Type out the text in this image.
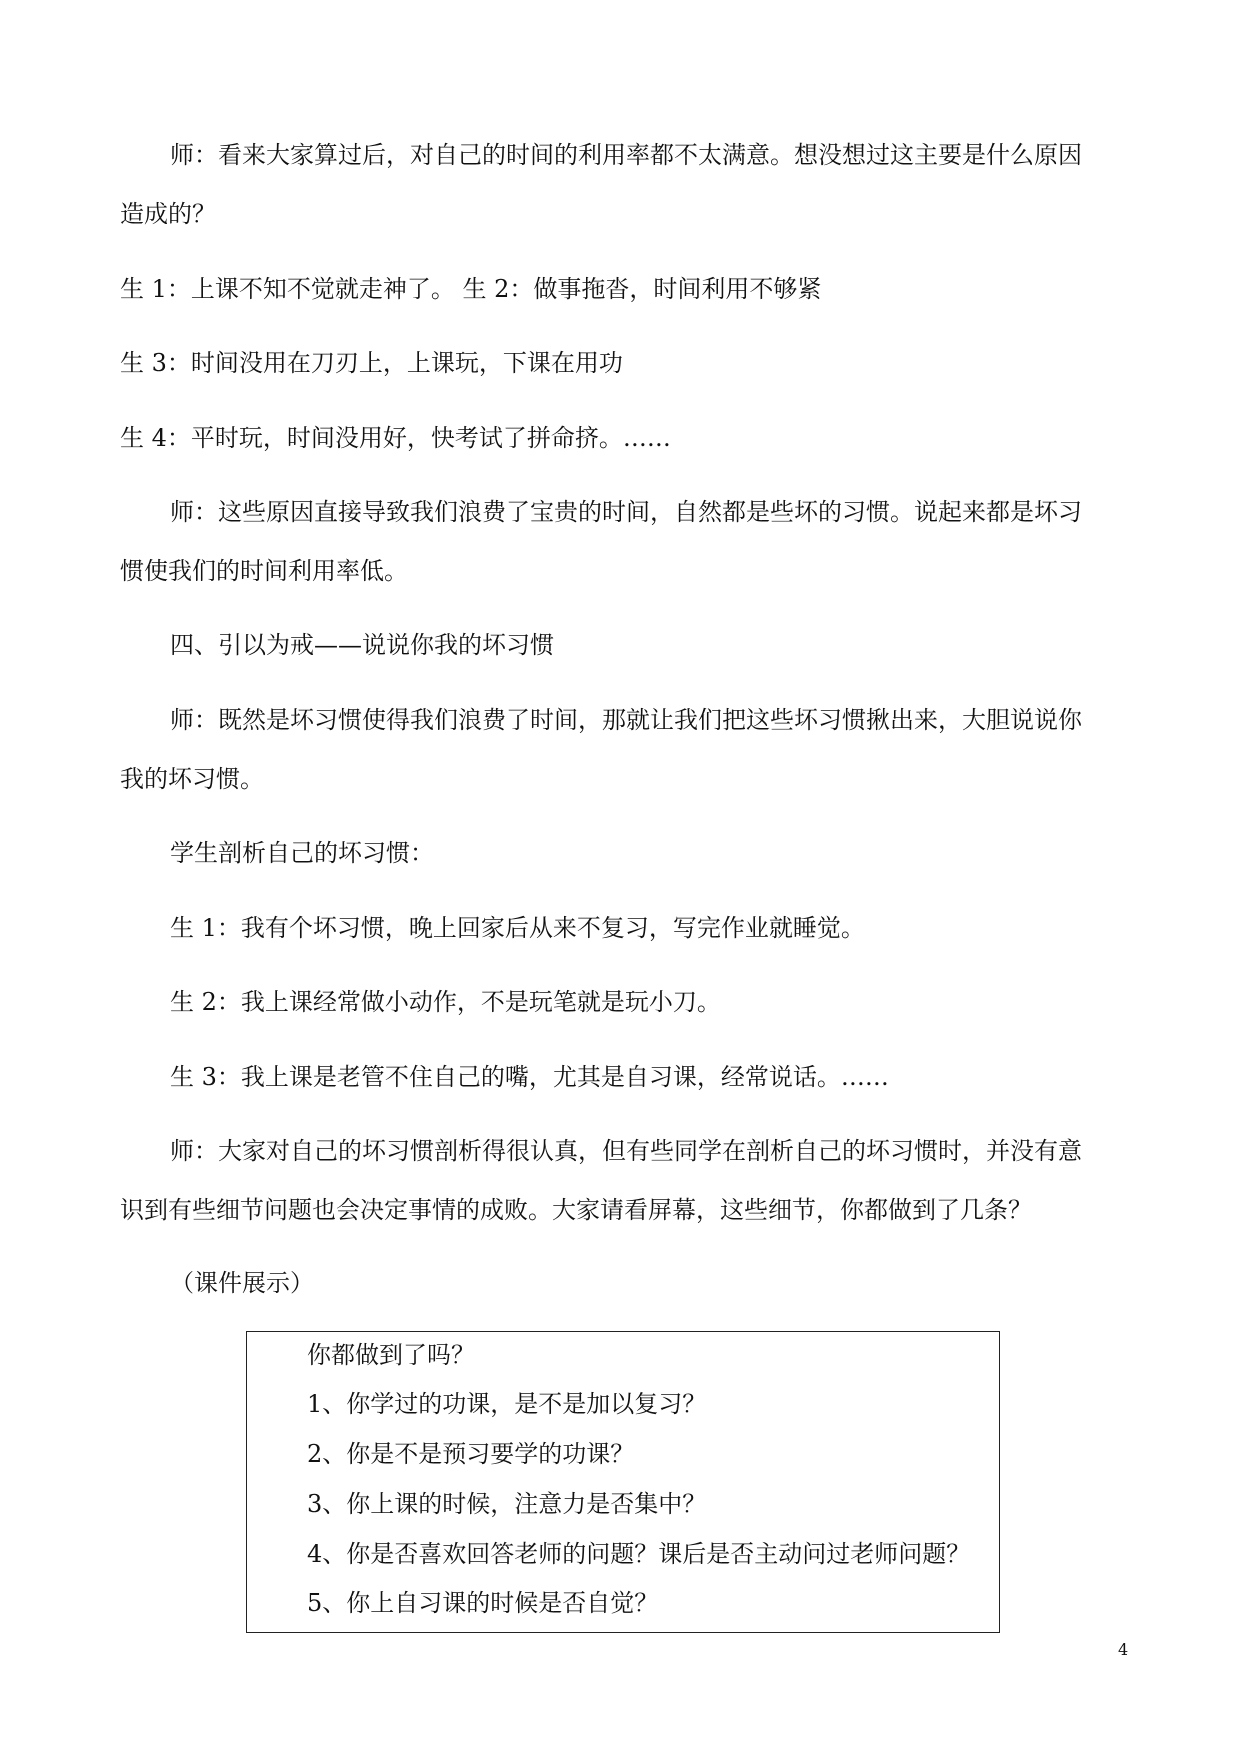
师：看来大家算过后，对自己的时间的利用率都不太满意。想没想过这主要是什么原因
造成的？
生 1：上课不知不觉就走神了。 生 2：做事拖沓，时间利用不够紧
生 3：时间没用在刀刃上，上课玩，下课在用功
生 4：平时玩，时间没用好，快考试了拼命挤。……
师：这些原因直接导致我们浪费了宝贵的时间，自然都是些坏的习惯。说起来都是坏习
惯使我们的时间利用率低。
四、引以为戒——说说你我的坏习惯
师：既然是坏习惯使得我们浪费了时间，那就让我们把这些坏习惯揪出来，大胆说说你
我的坏习惯。
学生剖析自己的坏习惯：
生 1：我有个坏习惯，晚上回家后从来不复习，写完作业就睡觉。
生 2：我上课经常做小动作，不是玩笔就是玩小刀。
生 3：我上课是老管不住自己的嘴，尤其是自习课，经常说话。……
师：大家对自己的坏习惯剖析得很认真，但有些同学在剖析自己的坏习惯时，并没有意
识到有些细节问题也会决定事情的成败。大家请看屏幕，这些细节，你都做到了几条？
（课件展示）
你都做到了吗？
1、你学过的功课，是不是加以复习？
2、你是不是预习要学的功课？
3、你上课的时候，注意力是否集中？
4、你是否喜欢回答老师的问题？课后是否主动问过老师问题？
5、你上自习课的时候是否自觉？
4
